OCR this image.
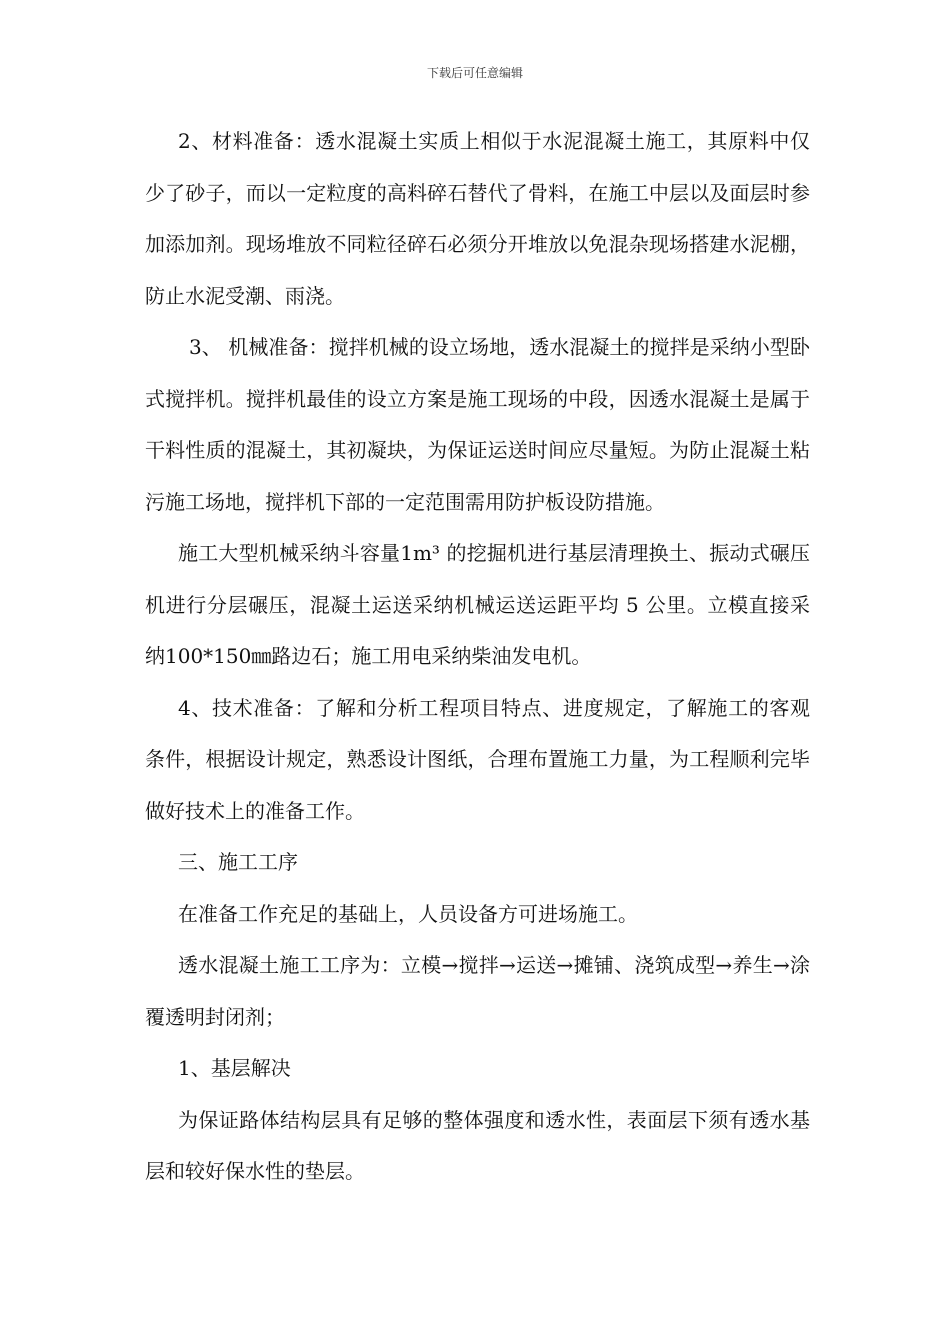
下载后可任意编辑

2、材料准备：透水混凝土实质上相似于水泥混凝土施工，其原料中仅少了砂子，而以一定粒度的高料碎石替代了骨料，在施工中层以及面层时参加添加剂。现场堆放不同粒径碎石必须分开堆放以免混杂现场搭建水泥棚，防止水泥受潮、雨浇。

3、 机械准备：搅拌机械的设立场地，透水混凝土的搅拌是采纳小型卧式搅拌机。搅拌机最佳的设立方案是施工现场的中段，因透水混凝土是属于干料性质的混凝土，其初凝块，为保证运送时间应尽量短。为防止混凝土粘污施工场地，搅拌机下部的一定范围需用防护板设防措施。

施工大型机械采纳斗容量1m³ 的挖掘机进行基层清理换土、振动式碾压机进行分层碾压，混凝土运送采纳机械运送运距平均 5 公里。立模直接采纳100*150㎜路边石；施工用电采纳柴油发电机。

4、技术准备：了解和分析工程项目特点、进度规定，了解施工的客观条件，根据设计规定，熟悉设计图纸，合理布置施工力量，为工程顺利完毕做好技术上的准备工作。

三、施工工序

在准备工作充足的基础上，人员设备方可进场施工。

透水混凝土施工工序为：立模→搅拌→运送→摊铺、浇筑成型→养生→涂覆透明封闭剂；

1、基层解决

为保证路体结构层具有足够的整体强度和透水性，表面层下须有透水基层和较好保水性的垫层。
